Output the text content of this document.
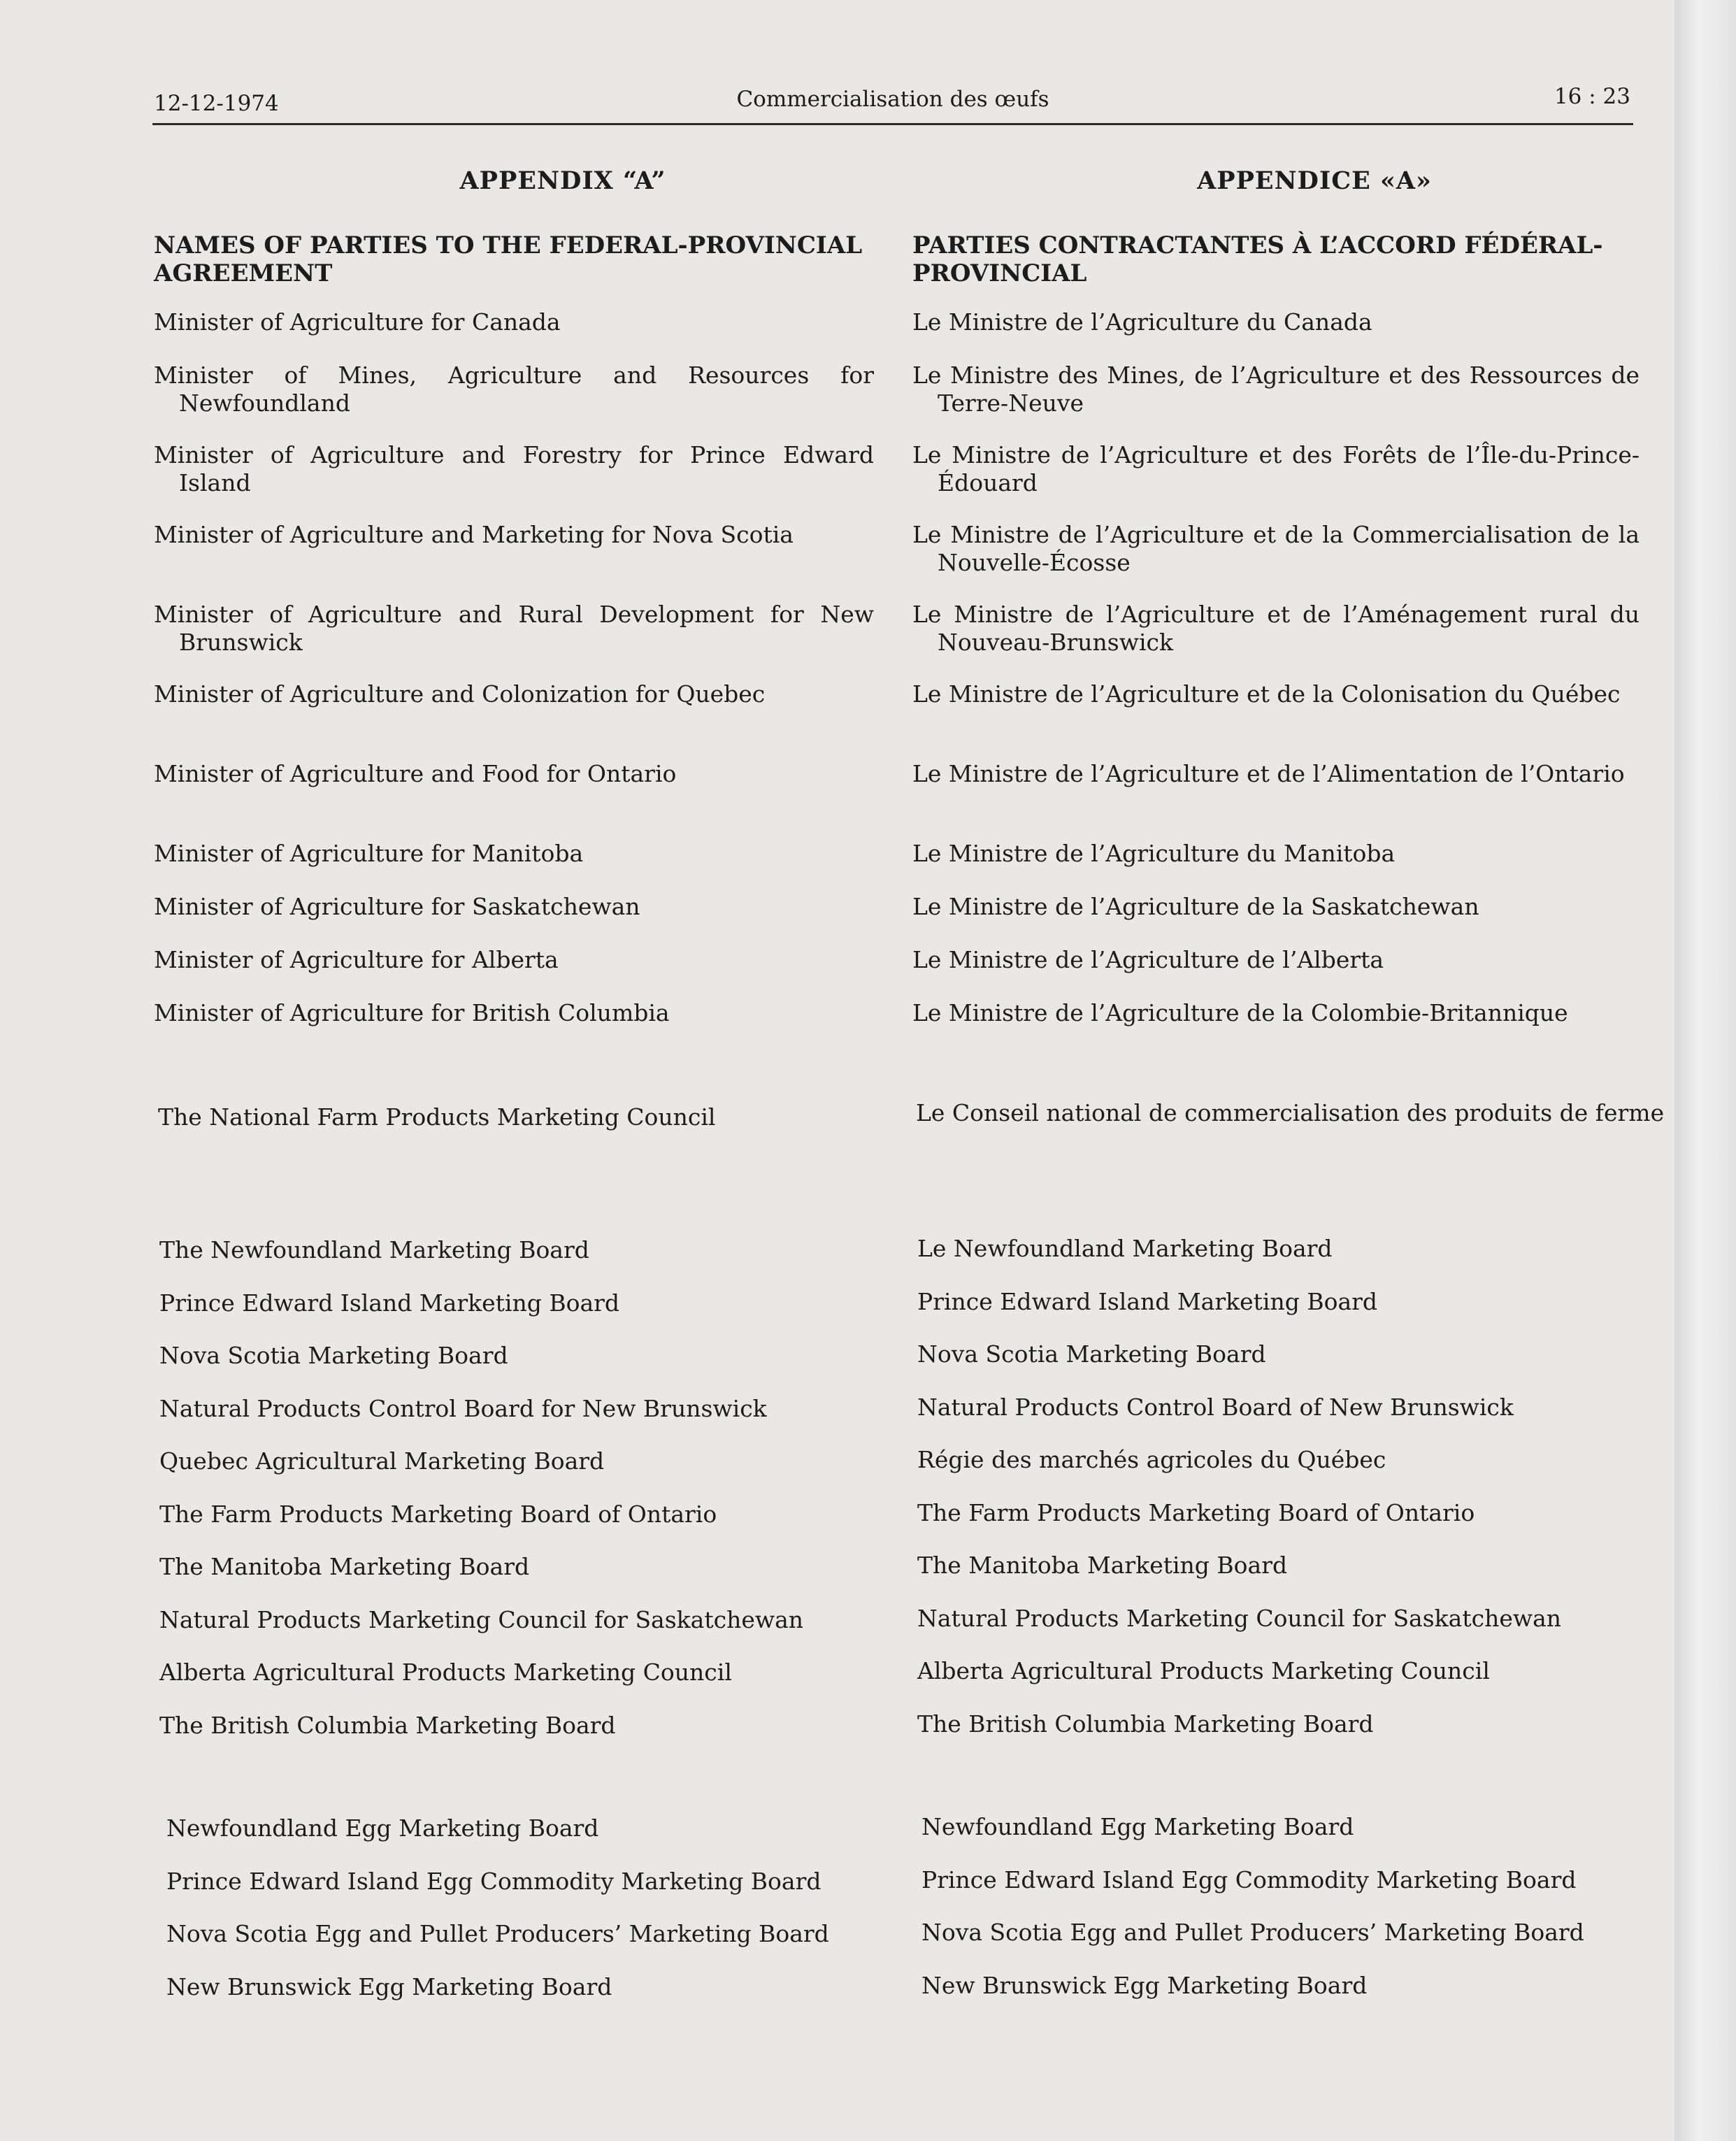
12-12-1974	Commercialisation des œufs	16 : 23
APPENDIX “A”
NAMES OF PARTIES TO THE FEDERAL-PROVINCIAL AGREEMENT
Minister of Agriculture for Canada
Minister of Mines, Agriculture and Resources for Newfoundland
Minister of Agriculture and Forestry for Prince Edward Island
Minister of Agriculture and Marketing for Nova Scotia
Minister of Agriculture and Rural Development for New Brunswick
Minister of Agriculture and Colonization for Quebec
Minister of Agriculture and Food for Ontario
Minister of Agriculture for Manitoba
Minister of Agriculture for Saskatchewan
Minister of Agriculture for Alberta
Minister of Agriculture for British Columbia
The National Farm Products Marketing Council
The Newfoundland Marketing Board
Prince Edward Island Marketing Board
Nova Scotia Marketing Board
Natural Products Control Board for New Brunswick
Quebec Agricultural Marketing Board
The Farm Products Marketing Board of Ontario
The Manitoba Marketing Board
Natural Products Marketing Council for Saskatchewan
Alberta Agricultural Products Marketing Council
The British Columbia Marketing Board
Newfoundland Egg Marketing Board
Prince Edward Island Egg Commodity Marketing Board
Nova Scotia Egg and Pullet Producers’ Marketing Board
New Brunswick Egg Marketing Board
APPENDICE «A»
PARTIES CONTRACTANTES À L’ACCORD FÉDÉRAL-PROVINCIAL
Le Ministre de l’Agriculture du Canada
Le Ministre des Mines, de l’Agriculture et des Ressources de Terre-Neuve
Le Ministre de l’Agriculture et des Forêts de l’Île-du-Prince-Édouard
Le Ministre de l’Agriculture et de la Commercialisation de la Nouvelle-Écosse
Le Ministre de l’Agriculture et de l’Aménagement rural du Nouveau-Brunswick
Le Ministre de l’Agriculture et de la Colonisation du Québec
Le Ministre de l’Agriculture et de l’Alimentation de l’Ontario
Le Ministre de l’Agriculture du Manitoba
Le Ministre de l’Agriculture de la Saskatchewan
Le Ministre de l’Agriculture de l’Alberta
Le Ministre de l’Agriculture de la Colombie-Britannique
Le Conseil national de commercialisation des produits de ferme
Le Newfoundland Marketing Board
Prince Edward Island Marketing Board
Nova Scotia Marketing Board
Natural Products Control Board of New Brunswick
Régie des marchés agricoles du Québec
The Farm Products Marketing Board of Ontario
The Manitoba Marketing Board
Natural Products Marketing Council for Saskatchewan
Alberta Agricultural Products Marketing Council
The British Columbia Marketing Board
Newfoundland Egg Marketing Board
Prince Edward Island Egg Commodity Marketing Board
Nova Scotia Egg and Pullet Producers’ Marketing Board
New Brunswick Egg Marketing Board
